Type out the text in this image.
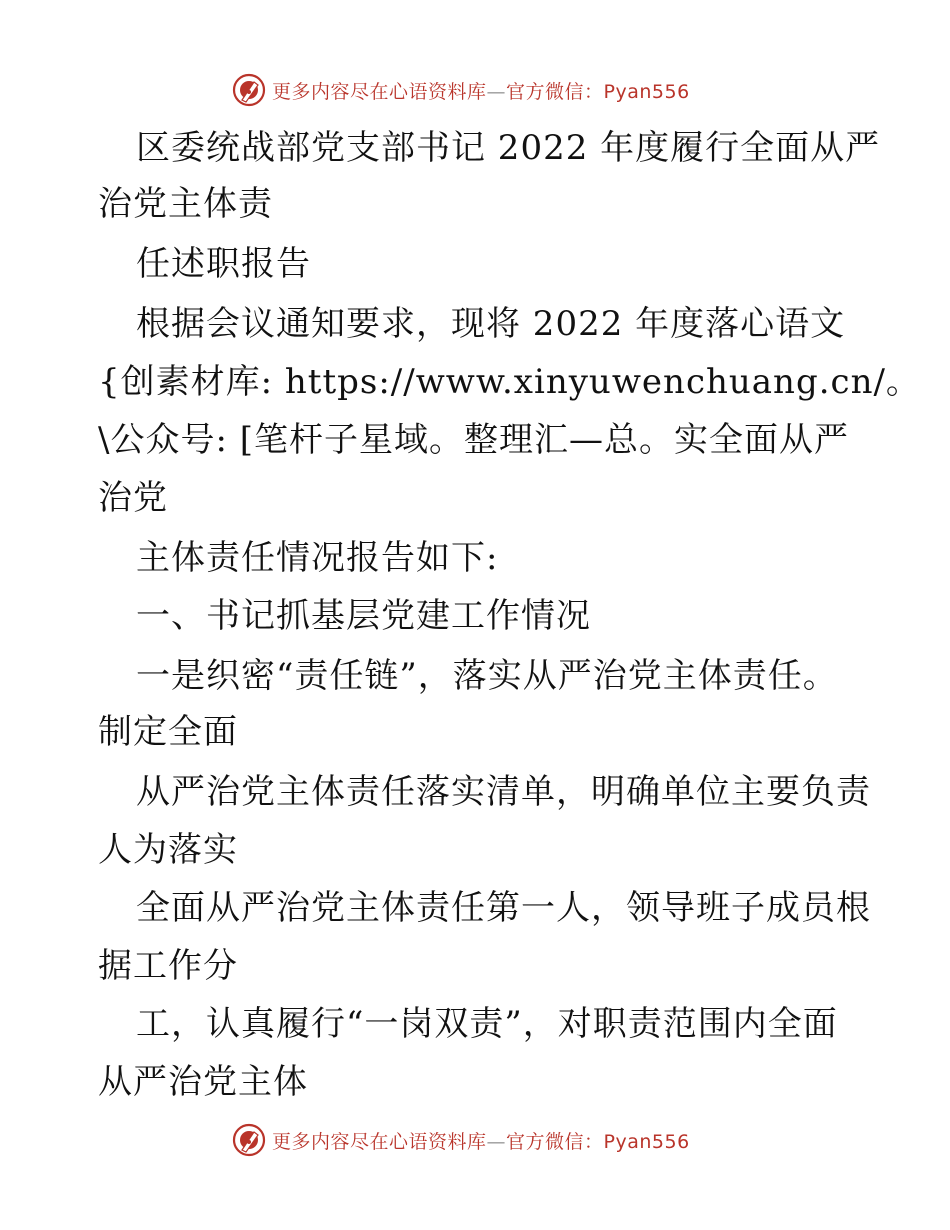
更多内容尽在心语资料库—官方微信：Pyan556
区委统战部党支部书记 2022 年度履行全面从严
治党主体责
任述职报告
根据会议通知要求，现将 2022 年度落心语文
{创素材库: https://www.xinyuwenchuang.cn/。
\公众号: [笔杆子星域。整理汇—总。实全面从严
治党
主体责任情况报告如下:
一、书记抓基层党建工作情况
一是织密“责任链”，落实从严治党主体责任。
制定全面
从严治党主体责任落实清单，明确单位主要负责
人为落实
全面从严治党主体责任第一人，领导班子成员根
据工作分
工，认真履行“一岗双责”，对职责范围内全面
从严治党主体
更多内容尽在心语资料库—官方微信：Pyan556
